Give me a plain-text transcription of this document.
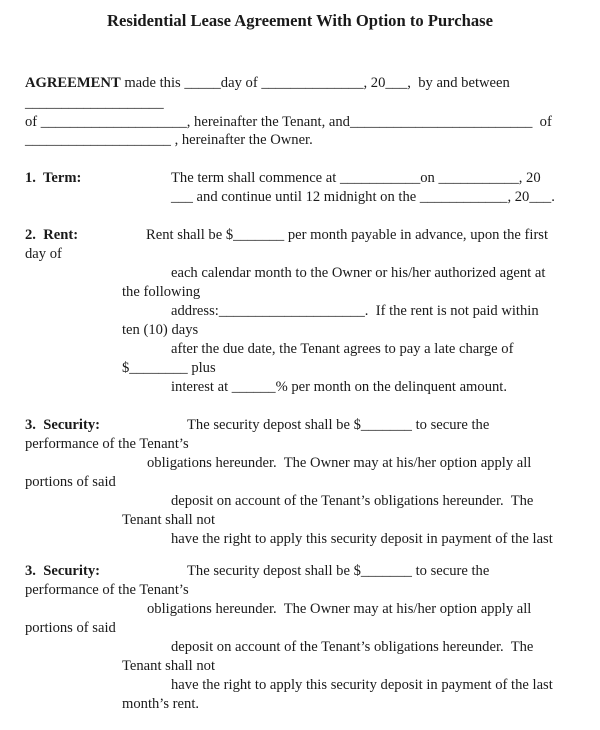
Residential Lease Agreement With Option to Purchase
AGREEMENT made this _____day of ______________, 20___,  by and between
___________________
of ____________________, hereinafter the Tenant, and_________________________  of
____________________ , hereinafter the Owner.
1.  Term:	The term shall commence at ___________on ___________, 20
___ and continue until 12 midnight on the ____________, 20___.
2.  Rent:	Rent shall be $_______ per month payable in advance, upon the first
day of
each calendar month to the Owner or his/her authorized agent at
the following
address:____________________.  If the rent is not paid within
ten (10) days
after the due date, the Tenant agrees to pay a late charge of
$________ plus
interest at ______% per month on the delinquent amount.
3.  Security:	The security depost shall be $_______ to secure the
performance of the Tenant’s
obligations hereunder.  The Owner may at his/her option apply all
portions of said
deposit on account of the Tenant’s obligations hereunder.  The
Tenant shall not
have the right to apply this security deposit in payment of the last
3.  Security:	The security depost shall be $_______ to secure the
performance of the Tenant’s
obligations hereunder.  The Owner may at his/her option apply all
portions of said
deposit on account of the Tenant’s obligations hereunder.  The
Tenant shall not
have the right to apply this security deposit in payment of the last
month’s rent.
